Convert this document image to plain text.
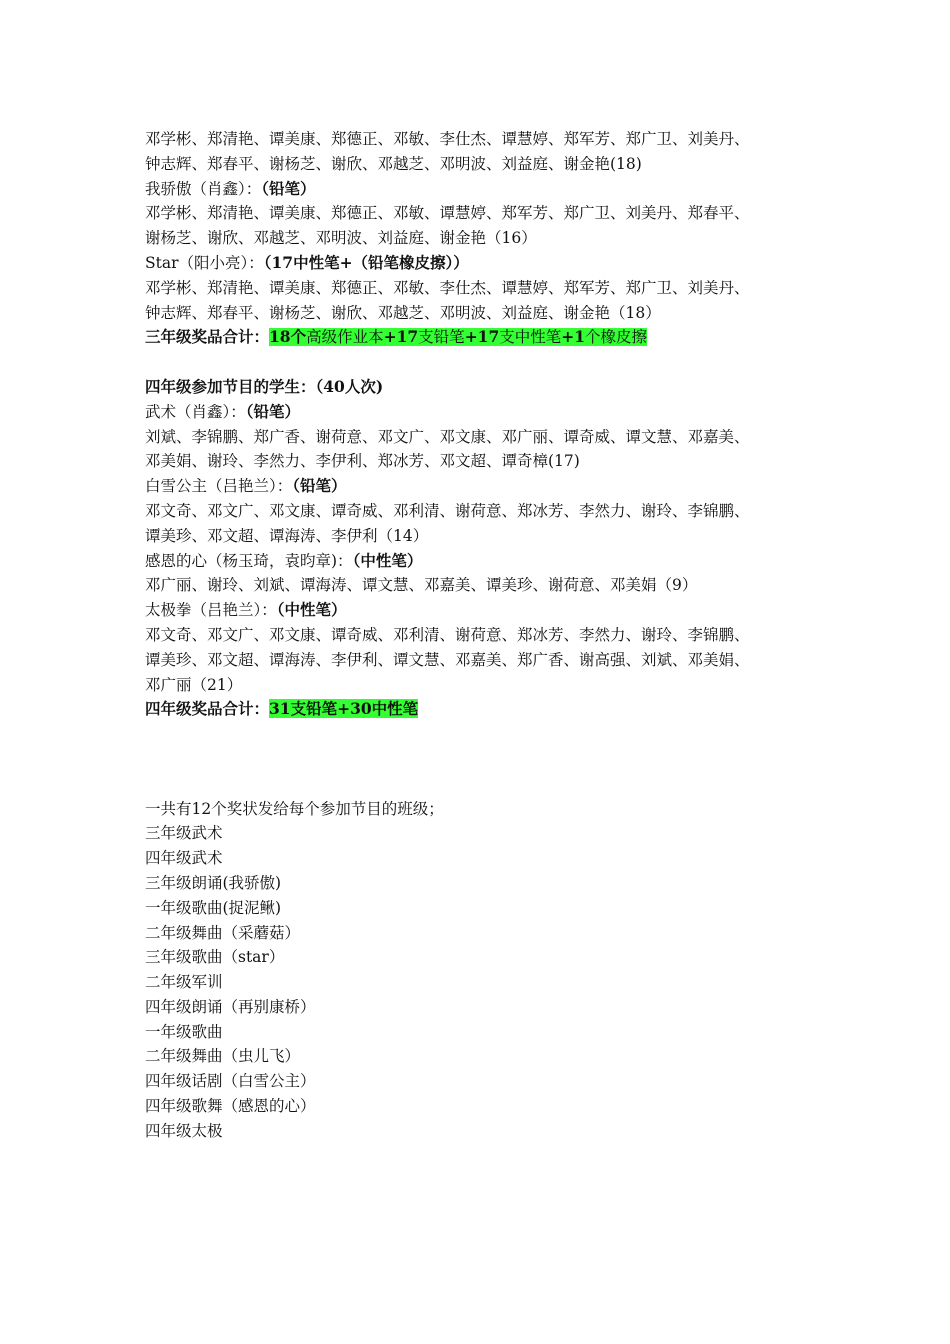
邓学彬、郑清艳、谭美康、郑德正、邓敏、李仕杰、谭慧婷、郑军芳、郑广卫、刘美丹、
钟志辉、郑春平、谢杨芝、谢欣、邓越芝、邓明波、刘益庭、谢金艳(18)
我骄傲（肖鑫）：（铅笔）
邓学彬、郑清艳、谭美康、郑德正、邓敏、谭慧婷、郑军芳、郑广卫、刘美丹、郑春平、
谢杨芝、谢欣、邓越芝、邓明波、刘益庭、谢金艳（16）
Star（阳小亮）：（17中性笔+（铅笔橡皮擦））
邓学彬、郑清艳、谭美康、郑德正、邓敏、李仕杰、谭慧婷、郑军芳、郑广卫、刘美丹、
钟志辉、郑春平、谢杨芝、谢欣、邓越芝、邓明波、刘益庭、谢金艳（18）
三年级奖品合计：18个高级作业本+17支铅笔+17支中性笔+1个橡皮擦
四年级参加节目的学生：（40人次)
武术（肖鑫）：（铅笔）
刘斌、李锦鹏、郑广香、谢荷意、邓文广、邓文康、邓广丽、谭奇威、谭文慧、邓嘉美、
邓美娟、谢玲、李然力、李伊利、郑冰芳、邓文超、谭奇樟(17)
白雪公主（吕艳兰）：（铅笔）
邓文奇、邓文广、邓文康、谭奇威、邓利清、谢荷意、郑冰芳、李然力、谢玲、李锦鹏、
谭美珍、邓文超、谭海涛、李伊利（14）
感恩的心（杨玉琦，袁昀章)：（中性笔）
邓广丽、谢玲、刘斌、谭海涛、谭文慧、邓嘉美、谭美珍、谢荷意、邓美娟（9）
太极拳（吕艳兰）：（中性笔）
邓文奇、邓文广、邓文康、谭奇威、邓利清、谢荷意、郑冰芳、李然力、谢玲、李锦鹏、
谭美珍、邓文超、谭海涛、李伊利、谭文慧、邓嘉美、郑广香、谢高强、刘斌、邓美娟、
邓广丽（21）
四年级奖品合计：31支铅笔+30中性笔
一共有12个奖状发给每个参加节目的班级；
三年级武术
四年级武术
三年级朗诵(我骄傲)
一年级歌曲(捉泥鳅)
二年级舞曲（采蘑菇）
三年级歌曲（star）
二年级军训
四年级朗诵（再别康桥）
一年级歌曲
二年级舞曲（虫儿飞）
四年级话剧（白雪公主）
四年级歌舞（感恩的心）
四年级太极
